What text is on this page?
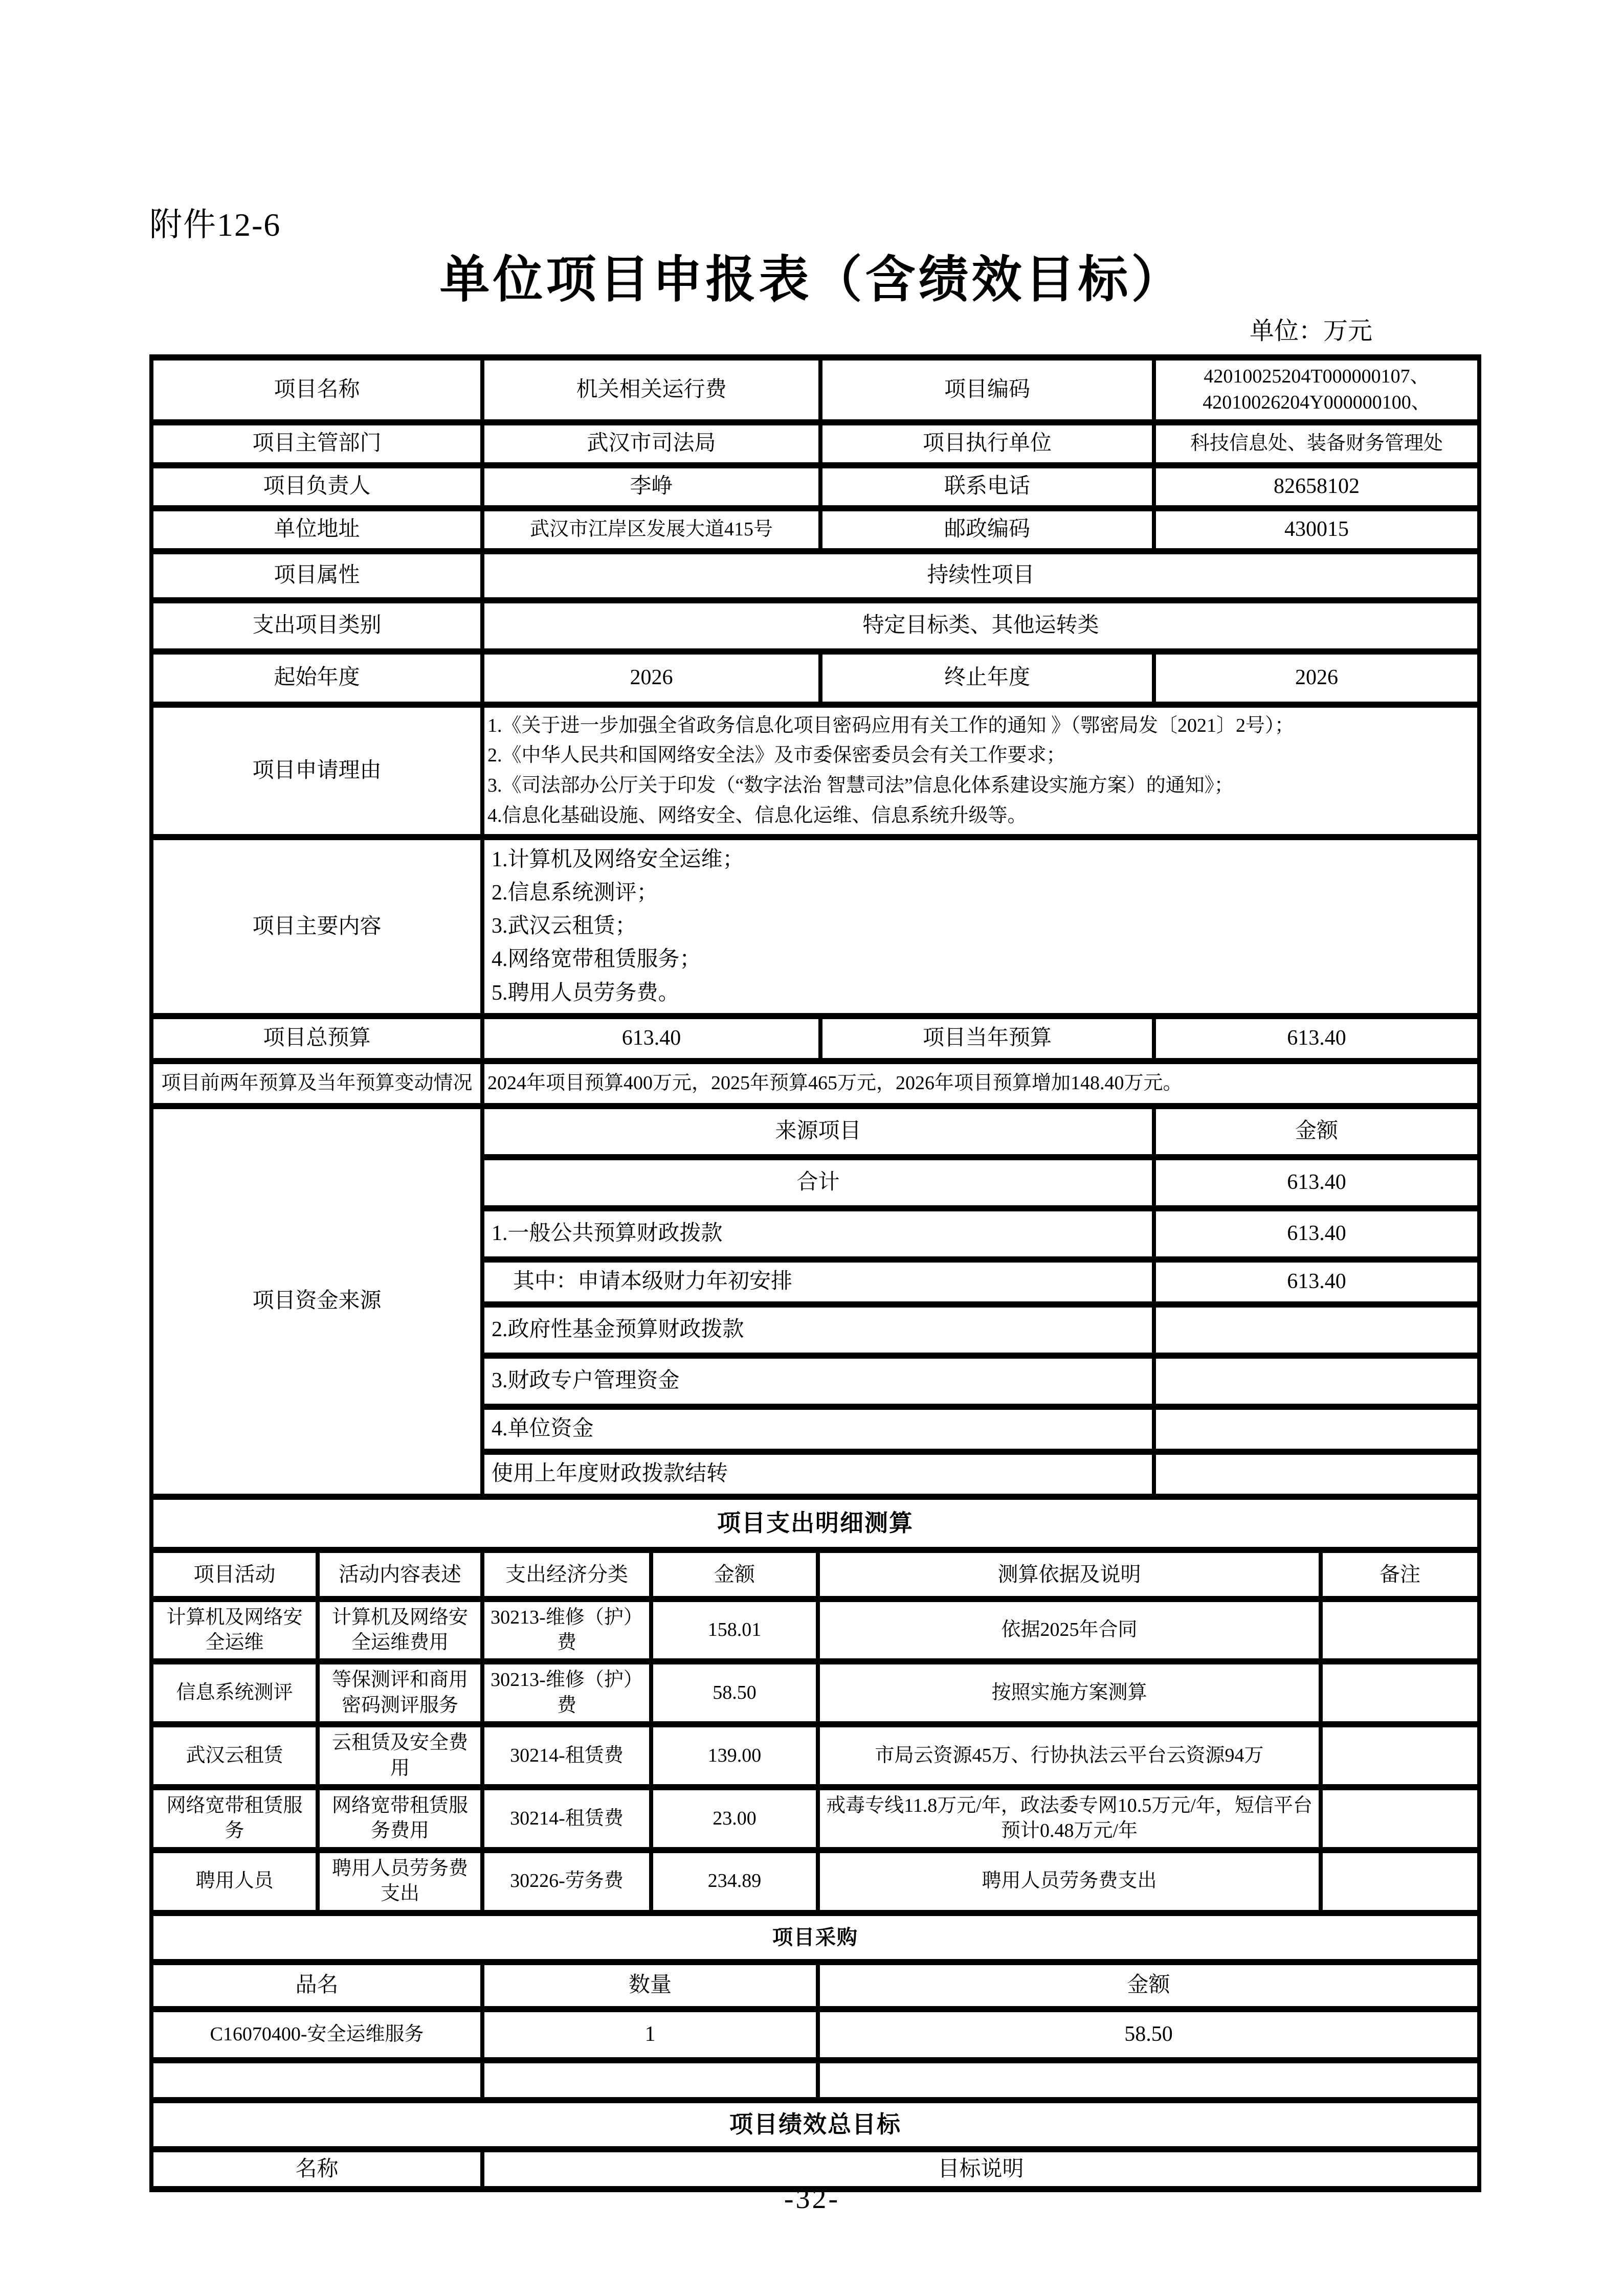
附件12-6
单位项目申报表（含绩效目标）
单位：万元
项目名称	机关相关运行费	项目编码	42010025204T000000107、
42010026204Y000000100、

项目主管部门	武汉市司法局	项目执行单位	科技信息处、装备财务管理处
项目负责人	李峥	联系电话	82658102
单位地址	武汉市江岸区发展大道415号	邮政编码	430015
项目属性	持续性项目		
支出项目类别	特定目标类、其他运转类		
起始年度	2026	终止年度	2026
项目申请理由	1.《关于进一步加强全省政务信息化项目密码应用有关工作的通知 》（鄂密局发〔2021〕2号）；
2.《中华人民共和国网络安全法》及市委保密委员会有关工作要求；
3.《司法部办公厅关于印发（“数字法治 智慧司法”信息化体系建设实施方案）的通知》；
4.信息化基础设施、网络安全、信息化运维、信息系统升级等。		

项目主要内容	1.计算机及网络安全运维；
2.信息系统测评；
3.武汉云租赁；
4.网络宽带租赁服务；
5.聘用人员劳务费。		

项目总预算	613.40	项目当年预算	613.40
项目前两年预算及当年预算变动情况	2024年项目预算400万元，2025年预算465万元，2026年项目预算增加148.40万元。		
项目资金来源	来源项目		金额
	合计		613.40
	1.一般公共预算财政拨款		613.40
	其中：申请本级财力年初安排		613.40
	2.政府性基金预算财政拨款		
	3.财政专户管理资金		
	4.单位资金		
	使用上年度财政拨款结转		
项目支出明细测算			
项目活动	活动内容表述	支出经济分类	金额	测算依据及说明	备注
计算机及网络安全运维	计算机及网络安全运维费用	30213-维修（护）费	158.01	依据2025年合同	
信息系统测评	等保测评和商用密码测评服务	30213-维修（护）费	58.50	按照实施方案测算	
武汉云租赁	云租赁及安全费用	30214-租赁费	139.00	市局云资源45万、行协执法云平台云资源94万	
网络宽带租赁服务	网络宽带租赁服务费用	30214-租赁费	23.00	戒毒专线11.8万元/年，政法委专网10.5万元/年，短信平台预计0.48万元/年	
聘用人员	聘用人员劳务费支出	30226-劳务费	234.89	聘用人员劳务费支出	
项目采购					
品名	数量	金额
C16070400-安全运维服务	1	58.50

项目绩效总目标		
名称	目标说明
-32-
